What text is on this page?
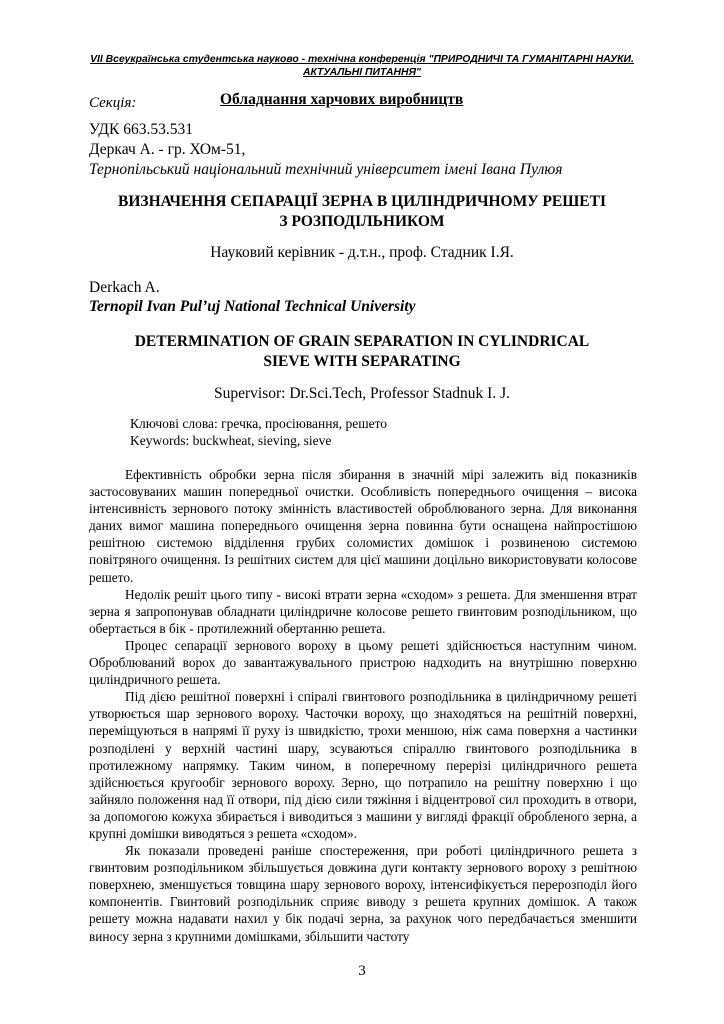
VII Всеукраїнська студентська науково - технічна конференція "ПРИРОДНИЧІ ТА ГУМАНІТАРНІ НАУКИ.
АКТУАЛЬНІ ПИТАННЯ"
Секція:	Обладнання харчових виробництв
УДК 663.53.531
Деркач А. - гр. ХОм-51,
Тернопільський національний технічний університет імені Івана Пулюя
ВИЗНАЧЕННЯ СЕПАРАЦІЇ ЗЕРНА В ЦИЛІНДРИЧНОМУ РЕШЕТІ
З РОЗПОДІЛЬНИКОМ
Науковий керівник - д.т.н., проф. Стадник І.Я.
Derkach A.
Ternopil Ivan Pul’uj National Technical University
DETERMINATION OF GRAIN SEPARATION IN CYLINDRICAL
SIEVE WITH SEPARATING
Supervisor: Dr.Sci.Tech, Professor Stadnuk I. J.
Ключові слова: гречка, просіювання, решето
Keywords: buckwheat, sieving, sieve

Ефективність обробки зерна після збирання в значній мірі залежить від показників застосовуваних машин попередньої очистки. Особливість попереднього очищення – висока інтенсивність зернового потоку змінність властивостей оброблюваного зерна. Для виконання даних вимог машина попереднього очищення зерна повинна бути оснащена найпростішою решітною системою відділення грубих соломистих домішок і розвиненою системою повітряного очищення. Із решітних систем для цієї машини доцільно використовувати колосове решето.

Недолік решіт цього типу - високі втрати зерна «сходом» з решета. Для зменшення втрат зерна я запропонував обладнати циліндричне колосове решето гвинтовим розподільником, що обертається в бік - протилежний обертанню решета.

Процес сепарації зернового вороху в цьому решеті здійснюється наступним чином. Оброблюваний ворох до завантажувального пристрою надходить на внутрішню поверхню циліндричного решета.

Під дією решітної поверхні і спіралі гвинтового розподільника в циліндричному решеті утворюється шар зернового вороху. Часточки вороху, що знаходяться на решітній поверхні, переміщуються в напрямі її руху із швидкістю, трохи меншою, ніж сама поверхня а частинки розподілені у верхній частині шару, зсуваються спіраллю гвинтового розподільника в протилежному напрямку. Таким чином, в поперечному перерізі циліндричного решета здійснюється кругообіг зернового вороху. Зерно, що потрапило на решітну поверхню і що зайняло положення над її отвори, під дією сили тяжіння і відцентрової сил проходить в отвори, за допомогою кожуха збирається і виводиться з машини у вигляді фракції обробленого зерна, а крупні домішки виводяться з решета «сходом».

Як показали проведені раніше спостереження, при роботі циліндричного решета з гвинтовим розподільником збільшується довжина дуги контакту зернового вороху з решітною поверхнею, зменшується товщина шару зернового вороху, інтенсифікується перерозподіл його компонентів. Гвинтовий розподільник сприяє виводу з решета крупних домішок. А також решету можна надавати нахил у бік подачі зерна, за рахунок чого передбачається зменшити виносу зерна з крупними домішками, збільшити частоту

3
